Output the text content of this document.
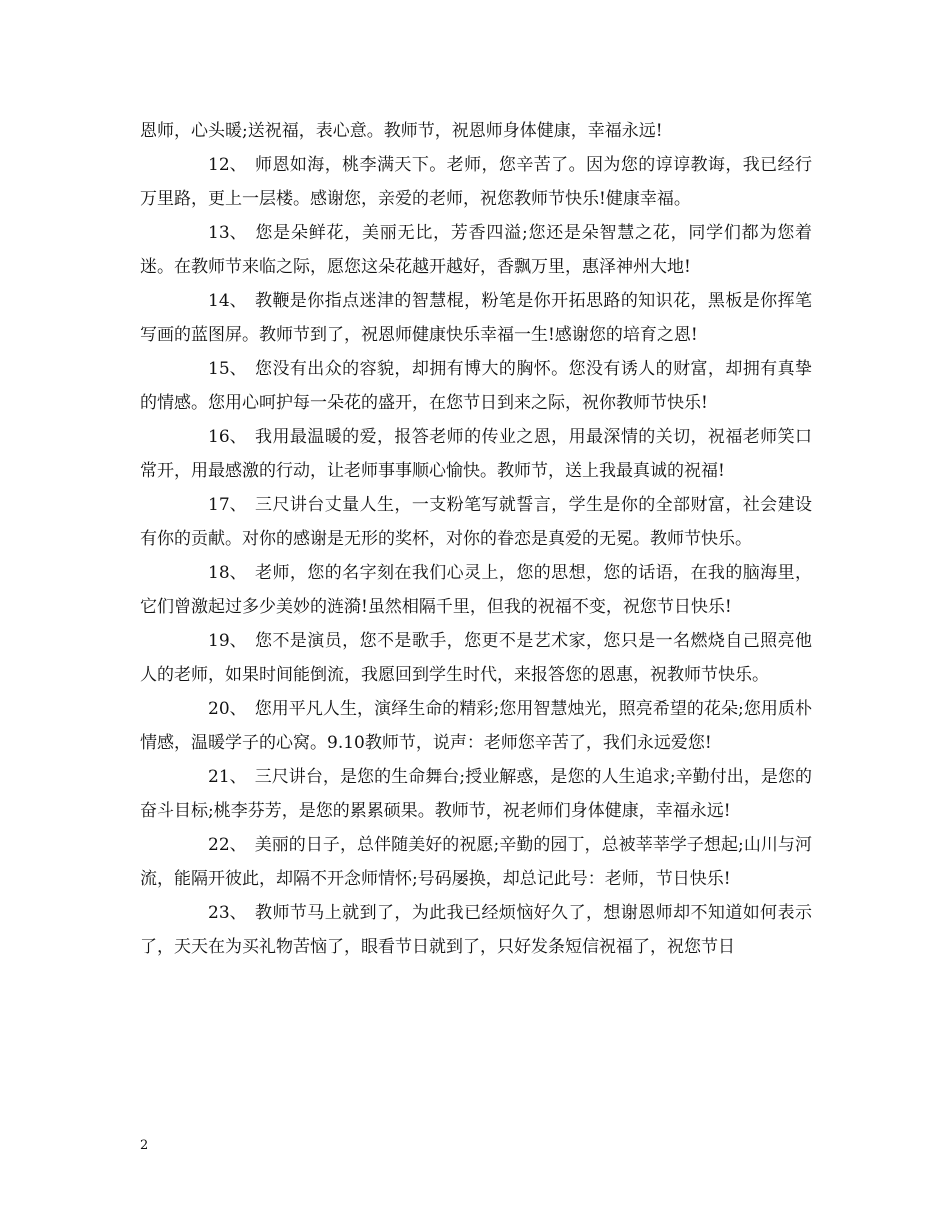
恩师，心头暖;送祝福，表心意。教师节，祝恩师身体健康，幸福永远!

12、 师恩如海，桃李满天下。老师，您辛苦了。因为您的谆谆教诲，我已经行万里路，更上一层楼。感谢您，亲爱的老师，祝您教师节快乐!健康幸福。

13、 您是朵鲜花，美丽无比，芳香四溢;您还是朵智慧之花，同学们都为您着迷。在教师节来临之际，愿您这朵花越开越好，香飘万里，惠泽神州大地!

14、 教鞭是你指点迷津的智慧棍，粉笔是你开拓思路的知识花，黑板是你挥笔写画的蓝图屏。教师节到了，祝恩师健康快乐幸福一生!感谢您的培育之恩!

15、 您没有出众的容貌，却拥有博大的胸怀。您没有诱人的财富，却拥有真挚的情感。您用心呵护每一朵花的盛开，在您节日到来之际，祝你教师节快乐!

16、 我用最温暖的爱，报答老师的传业之恩，用最深情的关切，祝福老师笑口常开，用最感激的行动，让老师事事顺心愉快。教师节，送上我最真诚的祝福!

17、 三尺讲台丈量人生，一支粉笔写就誓言，学生是你的全部财富，社会建设有你的贡献。对你的感谢是无形的奖杯，对你的眷恋是真爱的无冕。教师节快乐。

18、 老师，您的名字刻在我们心灵上，您的思想，您的话语，在我的脑海里，它们曾激起过多少美妙的涟漪!虽然相隔千里，但我的祝福不变，祝您节日快乐!

19、 您不是演员，您不是歌手，您更不是艺术家，您只是一名燃烧自己照亮他人的老师，如果时间能倒流，我愿回到学生时代，来报答您的恩惠，祝教师节快乐。

20、 您用平凡人生，演绎生命的精彩;您用智慧烛光，照亮希望的花朵;您用质朴情感，温暖学子的心窝。9.10教师节，说声：老师您辛苦了，我们永远爱您!

21、 三尺讲台，是您的生命舞台;授业解惑，是您的人生追求;辛勤付出，是您的奋斗目标;桃李芬芳，是您的累累硕果。教师节，祝老师们身体健康，幸福永远!

22、 美丽的日子，总伴随美好的祝愿;辛勤的园丁，总被莘莘学子想起;山川与河流，能隔开彼此，却隔不开念师情怀;号码屡换，却总记此号：老师，节日快乐!

23、 教师节马上就到了，为此我已经烦恼好久了，想谢恩师却不知道如何表示了，天天在为买礼物苦恼了，眼看节日就到了，只好发条短信祝福了，祝您节日

2
